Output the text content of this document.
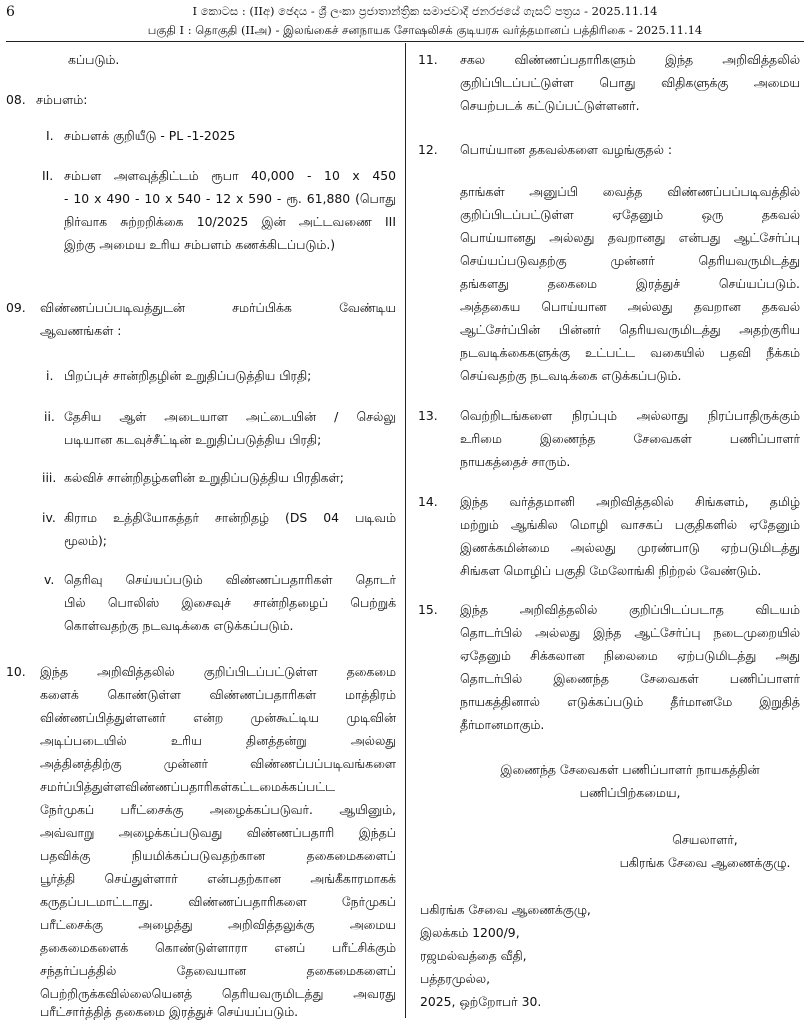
6	I කොටස : (IIඅ) ඡෙදය - ශ්‍රී ලංකා ප්‍රජාතාන්ත්‍රික සමාජවාදී ජනරජයේ ගැසට් පත්‍රය - 2025.11.14
பகுதி I : தொகுதி (IIஅ) - இலங்கைச் சனநாயக சோஷலிசக் குடியரசு வர்த்தமானப் பத்திரிகை - 2025.11.14
கப்படும்.
08. சம்பளம்:
I. சம்பளக் குறியீடு - PL -1-2025
II. சம்பள அளவுத்திட்டம் ரூபா 40,000 - 10 x 450
- 10 x 490 - 10 x 540 - 12 x 590 - ரூ. 61,880 (பொது
நிர்வாக சுற்றறிக்கை 10/2025 இன் அட்டவணை III
இற்கு அமைய உரிய சம்பளம் கணக்கிடப்படும்.)
09. விண்ணப்பப்படிவத்துடன் சமர்ப்பிக்க வேண்டிய
ஆவணங்கள் :
i. பிறப்புச் சான்றிதழின் உறுதிப்படுத்திய பிரதி;
ii. தேசிய ஆள் அடையாள அட்டையின் / செல்லு
படியான கடவுச்சீட்டின் உறுதிப்படுத்திய பிரதி;
iii. கல்விச் சான்றிதழ்களின் உறுதிப்படுத்திய பிரதிகள்;
iv. கிராம உத்தியோகத்தர் சான்றிதழ் (DS 04 படிவம்
மூலம்);
v. தெரிவு செய்யப்படும் விண்ணப்பதாரிகள் தொடர்
பில் பொலிஸ் இசைவுச் சான்றிதழைப் பெற்றுக்
கொள்வதற்கு நடவடிக்கை எடுக்கப்படும்.
10. இந்த அறிவித்தலில் குறிப்பிடப்பட்டுள்ள தகைமை
களைக் கொண்டுள்ள விண்ணப்பதாரிகள் மாத்திரம்
விண்ணப்பித்துள்ளனர் என்ற முன்கூட்டிய முடிவின்
அடிப்படையில் உரிய தினத்தன்று அல்லது
அத்தினத்திற்கு முன்னர் விண்ணப்பப்படிவங்களை
சமர்ப்பித்துள்ளவிண்ணப்பதாரிகள்கட்டமைக்கப்பட்ட
நேர்முகப் பரீட்சைக்கு அழைக்கப்படுவர். ஆயினும்,
அவ்வாறு அழைக்கப்படுவது விண்ணப்பதாரி இந்தப்
பதவிக்கு நியமிக்கப்படுவதற்கான தகைமைகளைப்
பூர்த்தி செய்துள்ளார் என்பதற்கான அங்கீகாரமாகக்
கருதப்படமாட்டாது. விண்ணப்பதாரிகளை நேர்முகப்
பரீட்சைக்கு அழைத்து அறிவித்தலுக்கு அமைய
தகைமைகளைக் கொண்டுள்ளாரா எனப் பரீட்சிக்கும்
சந்தர்ப்பத்தில் தேவையான தகைமைகளைப்
பெற்றிருக்கவில்லையெனத் தெரியவருமிடத்து அவரது
பரீட்சார்த்தித் தகைமை இரத்துச் செய்யப்படும்.
11. சகல விண்ணப்பதாரிகளும் இந்த அறிவித்தலில்
குறிப்பிடப்பட்டுள்ள பொது விதிகளுக்கு அமைய
செயற்படக் கட்டுப்பட்டுள்ளனர்.
12. பொய்யான தகவல்களை வழங்குதல் :
தாங்கள் அனுப்பி வைத்த விண்ணப்பப்படிவத்தில்
குறிப்பிடப்பட்டுள்ள ஏதேனும் ஒரு தகவல்
பொய்யானது அல்லது தவறானது என்பது ஆட்சேர்ப்பு
செய்யப்படுவதற்கு முன்னர் தெரியவருமிடத்து
தங்களது தகைமை இரத்துச் செய்யப்படும்.
அத்தகைய பொய்யான அல்லது தவறான தகவல்
ஆட்சேர்ப்பின் பின்னர் தெரியவருமிடத்து அதற்குரிய
நடவடிக்கைகளுக்கு உட்பட்ட வகையில் பதவி நீக்கம்
செய்வதற்கு நடவடிக்கை எடுக்கப்படும்.
13. வெற்றிடங்களை நிரப்பும் அல்லாது நிரப்பாதிருக்கும்
உரிமை இணைந்த சேவைகள் பணிப்பாளர்
நாயகத்தைச் சாரும்.
14. இந்த வர்த்தமானி அறிவித்தலில் சிங்களம், தமிழ்
மற்றும் ஆங்கில மொழி வாசகப் பகுதிகளில் ஏதேனும்
இணக்கமின்மை அல்லது முரண்பாடு ஏற்படுமிடத்து
சிங்கள மொழிப் பகுதி மேலோங்கி நிற்றல் வேண்டும்.
15. இந்த அறிவித்தலில் குறிப்பிடப்படாத விடயம்
தொடர்பில் அல்லது இந்த ஆட்சேர்ப்பு நடைமுறையில்
ஏதேனும் சிக்கலான நிலைமை ஏற்படுமிடத்து அது
தொடர்பில் இணைந்த சேவைகள் பணிப்பாளர்
நாயகத்தினால் எடுக்கப்படும் தீர்மானமே இறுதித்
தீர்மானமாகும்.
இணைந்த சேவைகள் பணிப்பாளர் நாயகத்தின்
பணிப்பிற்கமைய,
செயலாளர்,
பகிரங்க சேவை ஆணைக்குழு.
பகிரங்க சேவை ஆணைக்குழு,
இலக்கம் 1200/9,
ரஜமல்வத்தை வீதி,
பத்தரமுல்ல,
2025, ஒற்றோபர் 30.
